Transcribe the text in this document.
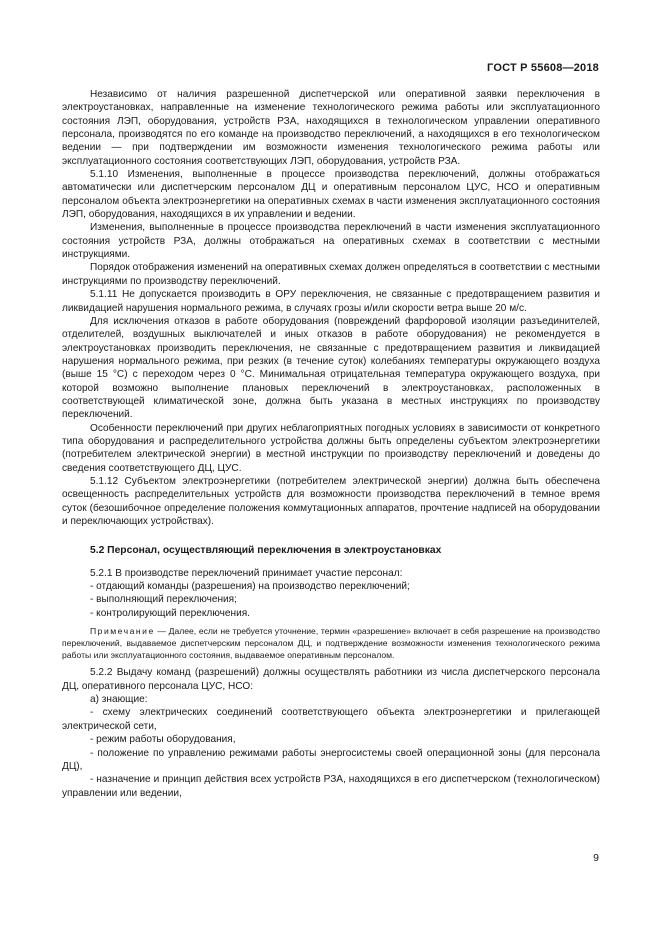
ГОСТ Р 55608—2018

Независимо от наличия разрешенной диспетчерской или оперативной заявки переключения в электроустановках, направленные на изменение технологического режима работы или эксплуатационного состояния ЛЭП, оборудования, устройств РЗА, находящихся в технологическом управлении оперативного персонала, производятся по его команде на производство переключений, а находящихся в его технологическом ведении — при подтверждении им возможности изменения технологического режима работы или эксплуатационного состояния соответствующих ЛЭП, оборудования, устройств РЗА.

5.1.10 Изменения, выполненные в процессе производства переключений, должны отображаться автоматически или диспетчерским персоналом ДЦ и оперативным персоналом ЦУС, НСО и оперативным персоналом объекта электроэнергетики на оперативных схемах в части изменения эксплуатационного состояния ЛЭП, оборудования, находящихся в их управлении и ведении.

Изменения, выполненные в процессе производства переключений в части изменения эксплуатационного состояния устройств РЗА, должны отображаться на оперативных схемах в соответствии с местными инструкциями.

Порядок отображения изменений на оперативных схемах должен определяться в соответствии с местными инструкциями по производству переключений.

5.1.11 Не допускается производить в ОРУ переключения, не связанные с предотвращением развития и ликвидацией нарушения нормального режима, в случаях грозы и/или скорости ветра выше 20 м/с.

Для исключения отказов в работе оборудования (повреждений фарфоровой изоляции разъединителей, отделителей, воздушных выключателей и иных отказов в работе оборудования) не рекомендуется в электроустановках производить переключения, не связанные с предотвращением развития и ликвидацией нарушения нормального режима, при резких (в течение суток) колебаниях температуры окружающего воздуха (выше 15 °С) с переходом через 0 °С. Минимальная отрицательная температура окружающего воздуха, при которой возможно выполнение плановых переключений в электроустановках, расположенных в соответствующей климатической зоне, должна быть указана в местных инструкциях по производству переключений.

Особенности переключений при других неблагоприятных погодных условиях в зависимости от конкретного типа оборудования и распределительного устройства должны быть определены субъектом электроэнергетики (потребителем электрической энергии) в местной инструкции по производству переключений и доведены до сведения соответствующего ДЦ, ЦУС.

5.1.12 Субъектом электроэнергетики (потребителем электрической энергии) должна быть обеспечена освещенность распределительных устройств для возможности производства переключений в темное время суток (безошибочное определение положения коммутационных аппаратов, прочтение надписей на оборудовании и переключающих устройствах).

5.2 Персонал, осуществляющий переключения в электроустановках

5.2.1 В производстве переключений принимает участие персонал:

- отдающий команды (разрешения) на производство переключений;

- выполняющий переключения;

- контролирующий переключения.

Примечание — Далее, если не требуется уточнение, термин «разрешение» включает в себя разрешение на производство переключений, выдаваемое диспетчерским персоналом ДЦ, и подтверждение возможности изменения технологического режима работы или эксплуатационного состояния, выдаваемое оперативным персоналом.

5.2.2 Выдачу команд (разрешений) должны осуществлять работники из числа диспетчерского персонала ДЦ, оперативного персонала ЦУС, НСО:

а) знающие:

- схему электрических соединений соответствующего объекта электроэнергетики и прилегающей электрической сети,

- режим работы оборудования,

- положение по управлению режимами работы энергосистемы своей операционной зоны (для персонала ДЦ),

- назначение и принцип действия всех устройств РЗА, находящихся в его диспетчерском (технологическом) управлении или ведении,

9
